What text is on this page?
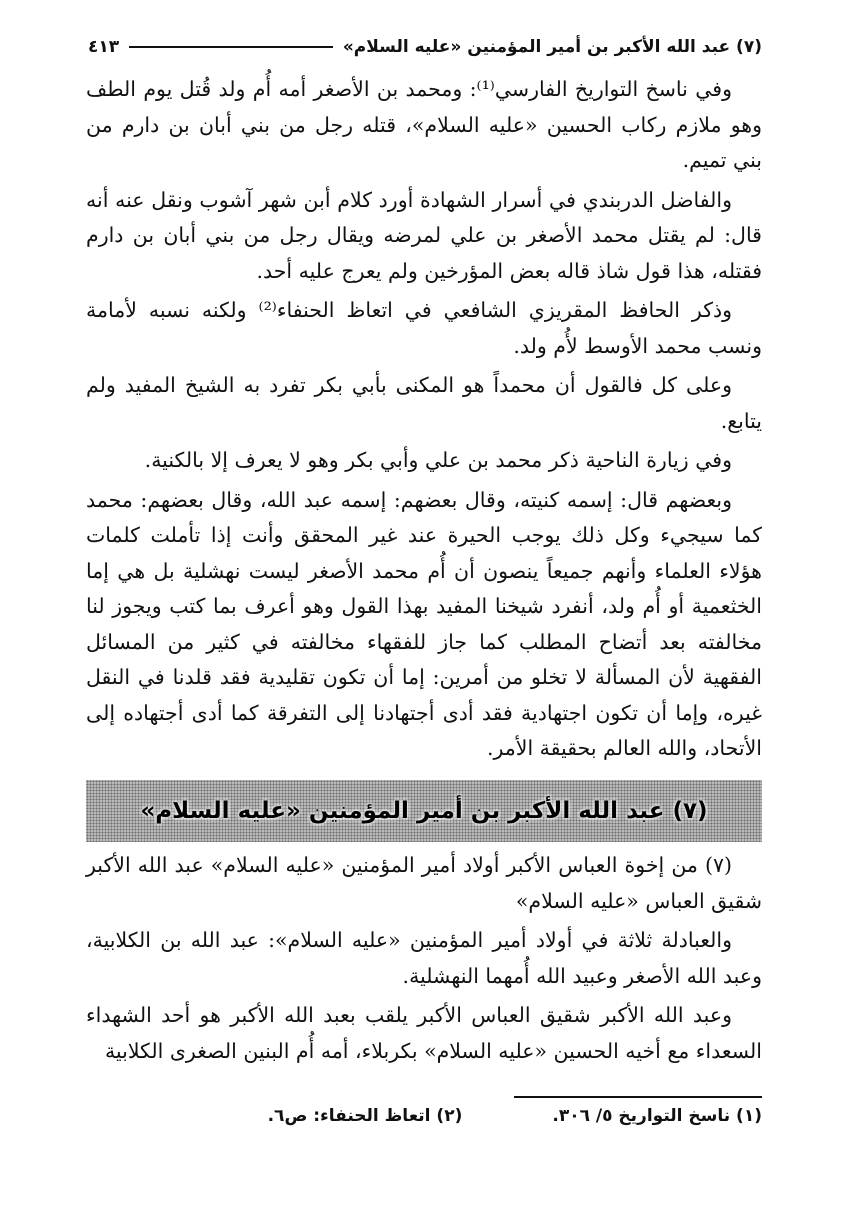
(٧) عبد الله الأكبر بن أمير المؤمنين «عليه السلام»
٤١٣

وفي ناسخ التواريخ الفارسي⁽¹⁾: ومحمد بن الأصغر أمه أُم ولد قُتل يوم الطف وهو ملازم ركاب الحسين «عليه السلام»، قتله رجل من بني أبان بن دارم من بني تميم.

والفاضل الدربندي في أسرار الشهادة أورد كلام أبن شهر آشوب ونقل عنه أنه قال: لم يقتل محمد الأصغر بن علي لمرضه ويقال رجل من بني أبان بن دارم فقتله، هذا قول شاذ قاله بعض المؤرخين ولم يعرج عليه أحد.

وذكر الحافظ المقريزي الشافعي في اتعاظ الحنفاء⁽²⁾ ولكنه نسبه لأمامة ونسب محمد الأوسط لأُم ولد.

وعلى كل فالقول أن محمداً هو المكنى بأبي بكر تفرد به الشيخ المفيد ولم يتابع.

وفي زيارة الناحية ذكر محمد بن علي وأبي بكر وهو لا يعرف إلا بالكنية.

وبعضهم قال: إسمه كنيته، وقال بعضهم: إسمه عبد الله، وقال بعضهم: محمد كما سيجيء وكل ذلك يوجب الحيرة عند غير المحقق وأنت إذا تأملت كلمات هؤلاء العلماء وأنهم جميعاً ينصون أن أُم محمد الأصغر ليست نهشلية بل هي إما الخثعمية أو أُم ولد، أنفرد شيخنا المفيد بهذا القول وهو أعرف بما كتب ويجوز لنا مخالفته بعد أتضاح المطلب كما جاز للفقهاء مخالفته في كثير من المسائل الفقهية لأن المسألة لا تخلو من أمرين: إما أن تكون تقليدية فقد قلدنا في النقل غيره، وإما أن تكون اجتهادية فقد أدى أجتهادنا إلى التفرقة كما أدى أجتهاده إلى الأتحاد، والله العالم بحقيقة الأمر.

(٧) عبد الله الأكبر بن أمير المؤمنين «عليه السلام»

(٧) من إخوة العباس الأكبر أولاد أمير المؤمنين «عليه السلام» عبد الله الأكبر شقيق العباس «عليه السلام»

والعبادلة ثلاثة في أولاد أمير المؤمنين «عليه السلام»: عبد الله بن الكلابية، وعبد الله الأصغر وعبيد الله أُمهما النهشلية.

وعبد الله الأكبر شقيق العباس الأكبر يلقب بعبد الله الأكبر هو أحد الشهداء السعداء مع أخيه الحسين «عليه السلام» بكربلاء، أمه أُم البنين الصغرى الكلابية

(١) ناسخ التواريخ ٥/ ٣٠٦.
(٢) اتعاظ الحنفاء: ص٦.
